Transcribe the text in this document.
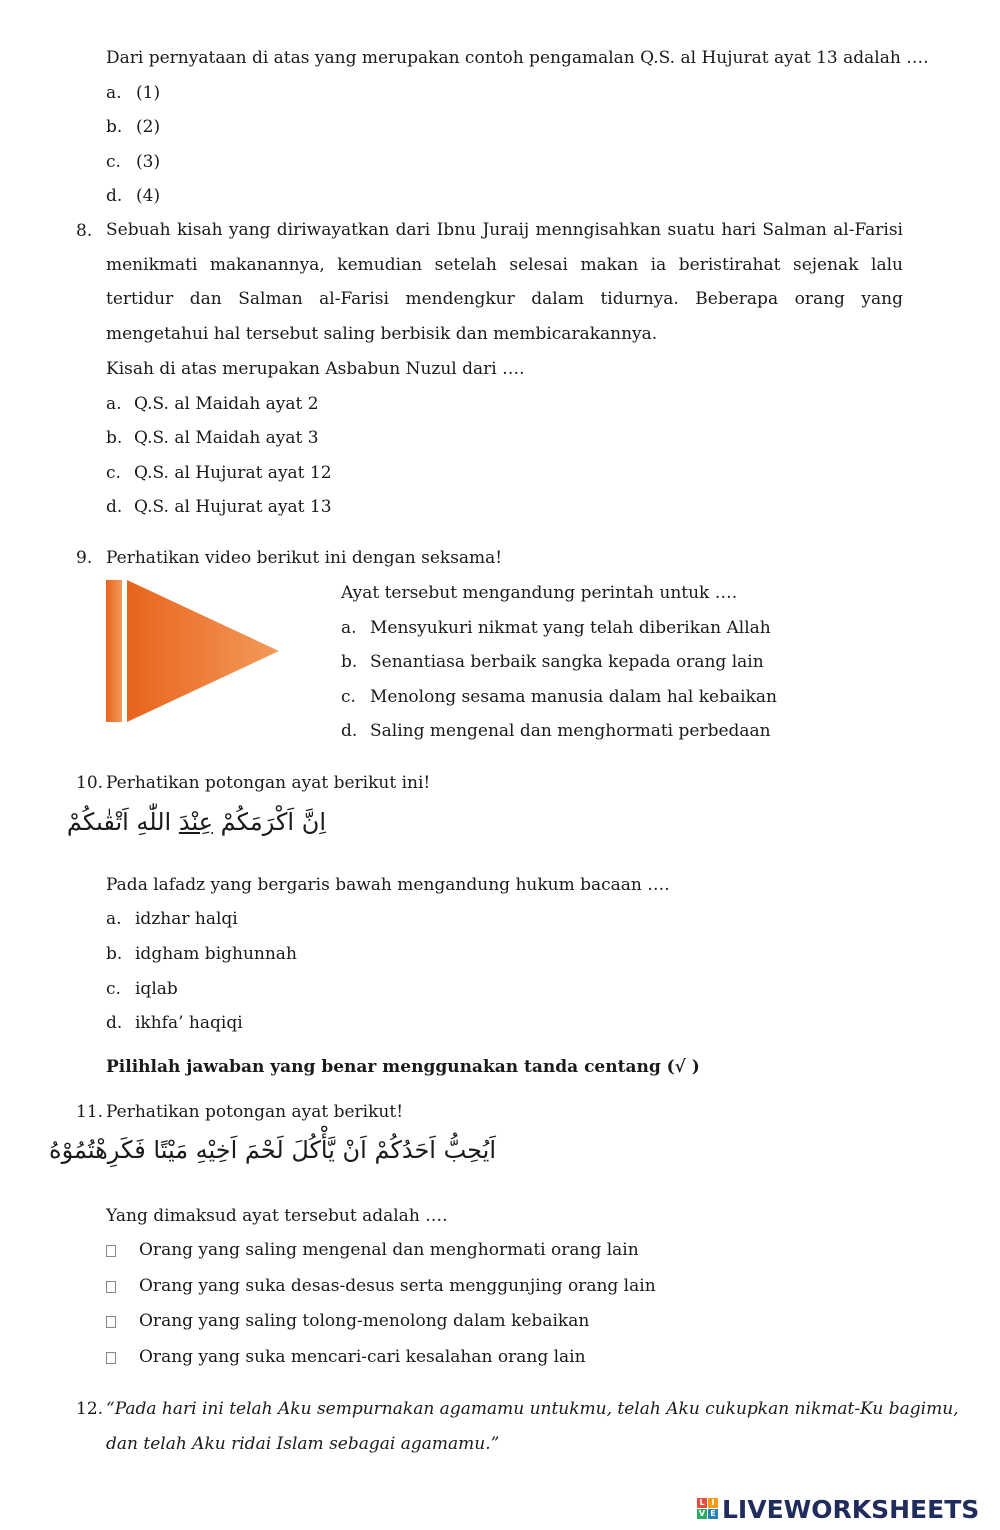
Dari pernyataan di atas yang merupakan contoh pengamalan Q.S. al Hujurat ayat 13 adalah ….
a. (1)
b. (2)
c. (3)
d. (4)
8. Sebuah kisah yang diriwayatkan dari Ibnu Juraij menngisahkan suatu hari Salman al-Farisi menikmati makanannya, kemudian setelah selesai makan ia beristirahat sejenak lalu tertidur dan Salman al-Farisi mendengkur dalam tidurnya. Beberapa orang yang mengetahui hal tersebut saling berbisik dan membicarakannya.
Kisah di atas merupakan Asbabun Nuzul dari ….
a. Q.S. al Maidah ayat 2
b. Q.S. al Maidah ayat 3
c. Q.S. al Hujurat ayat 12
d. Q.S. al Hujurat ayat 13
9. Perhatikan video berikut ini dengan seksama!
Ayat tersebut mengandung perintah untuk ….
a. Mensyukuri nikmat yang telah diberikan Allah
b. Senantiasa berbaik sangka kepada orang lain
c. Menolong sesama manusia dalam hal kebaikan
d. Saling mengenal dan menghormati perbedaan
10. Perhatikan potongan ayat berikut ini!
اِنَّ اَكْرَمَكُمْ عِنْدَ اللّٰهِ اَتْقٰىكُمْ
Pada lafadz yang bergaris bawah mengandung hukum bacaan ….
a. idzhar halqi
b. idgham bighunnah
c. iqlab
d. ikhfa’ haqiqi
Pilihlah jawaban yang benar menggunakan tanda centang (√ )
11. Perhatikan potongan ayat berikut!
اَيُحِبُّ اَحَدُكُمْ اَنْ يَّأْكُلَ لَحْمَ اَخِيْهِ مَيْتًا فَكَرِهْتُمُوْهُ
Yang dimaksud ayat tersebut adalah ….
Orang yang saling mengenal dan menghormati orang lain
Orang yang suka desas-desus serta menggunjing orang lain
Orang yang saling tolong-menolong dalam kebaikan
Orang yang suka mencari-cari kesalahan orang lain
12. “Pada hari ini telah Aku sempurnakan agamamu untukmu, telah Aku cukupkan nikmat-Ku bagimu,
dan telah Aku ridai Islam sebagai agamamu.”
L I
V E LIVEWORKSHEETS
